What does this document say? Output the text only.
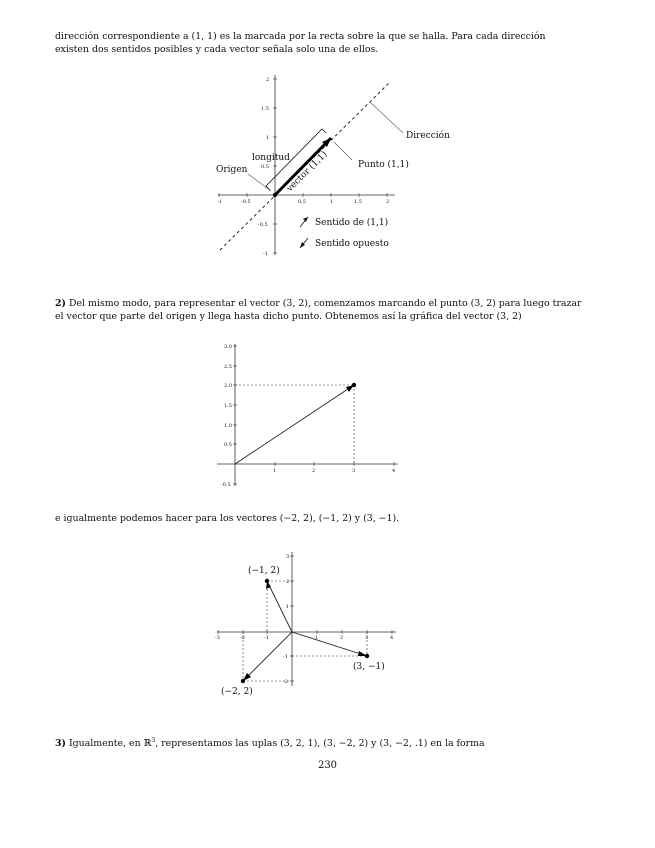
dirección correspondiente a (1, 1) es la marcada por la recta sobre la que se halla. Para cada dirección
existen dos sentidos posibles y cada vector señala solo una de ellos.

-1	-0.5	0.5	1	1.5	2
2
1.5
1
0.5
-0.5
-1
Dirección
Punto (1,1)
Origen
longitud
vector (1,1)
Sentido de (1,1)
Sentido opuesto

2) Del mismo modo, para representar el vector (3, 2), comenzamos marcando el punto (3, 2) para luego trazar
el vector que parte del origen y llega hasta dicho punto. Obtenemos así la gráfica del vector (3, 2)

1	2	3	4
3.0
2.5
2.0
1.5
1.0
0.5
-0.5

e igualmente podemos hacer para los vectores (−2, 2), (−1, 2) y (3, −1).

-3	-2	-1	1	2	3	4
3
2
1
-1
-2
(−1, 2)
(3, −1)
(−2, 2)

3) Igualmente, en ℝ$^3$, representamos las uplas (3, 2, 1), (3, −2, 2) y (3, −2, .1) en la forma

230
